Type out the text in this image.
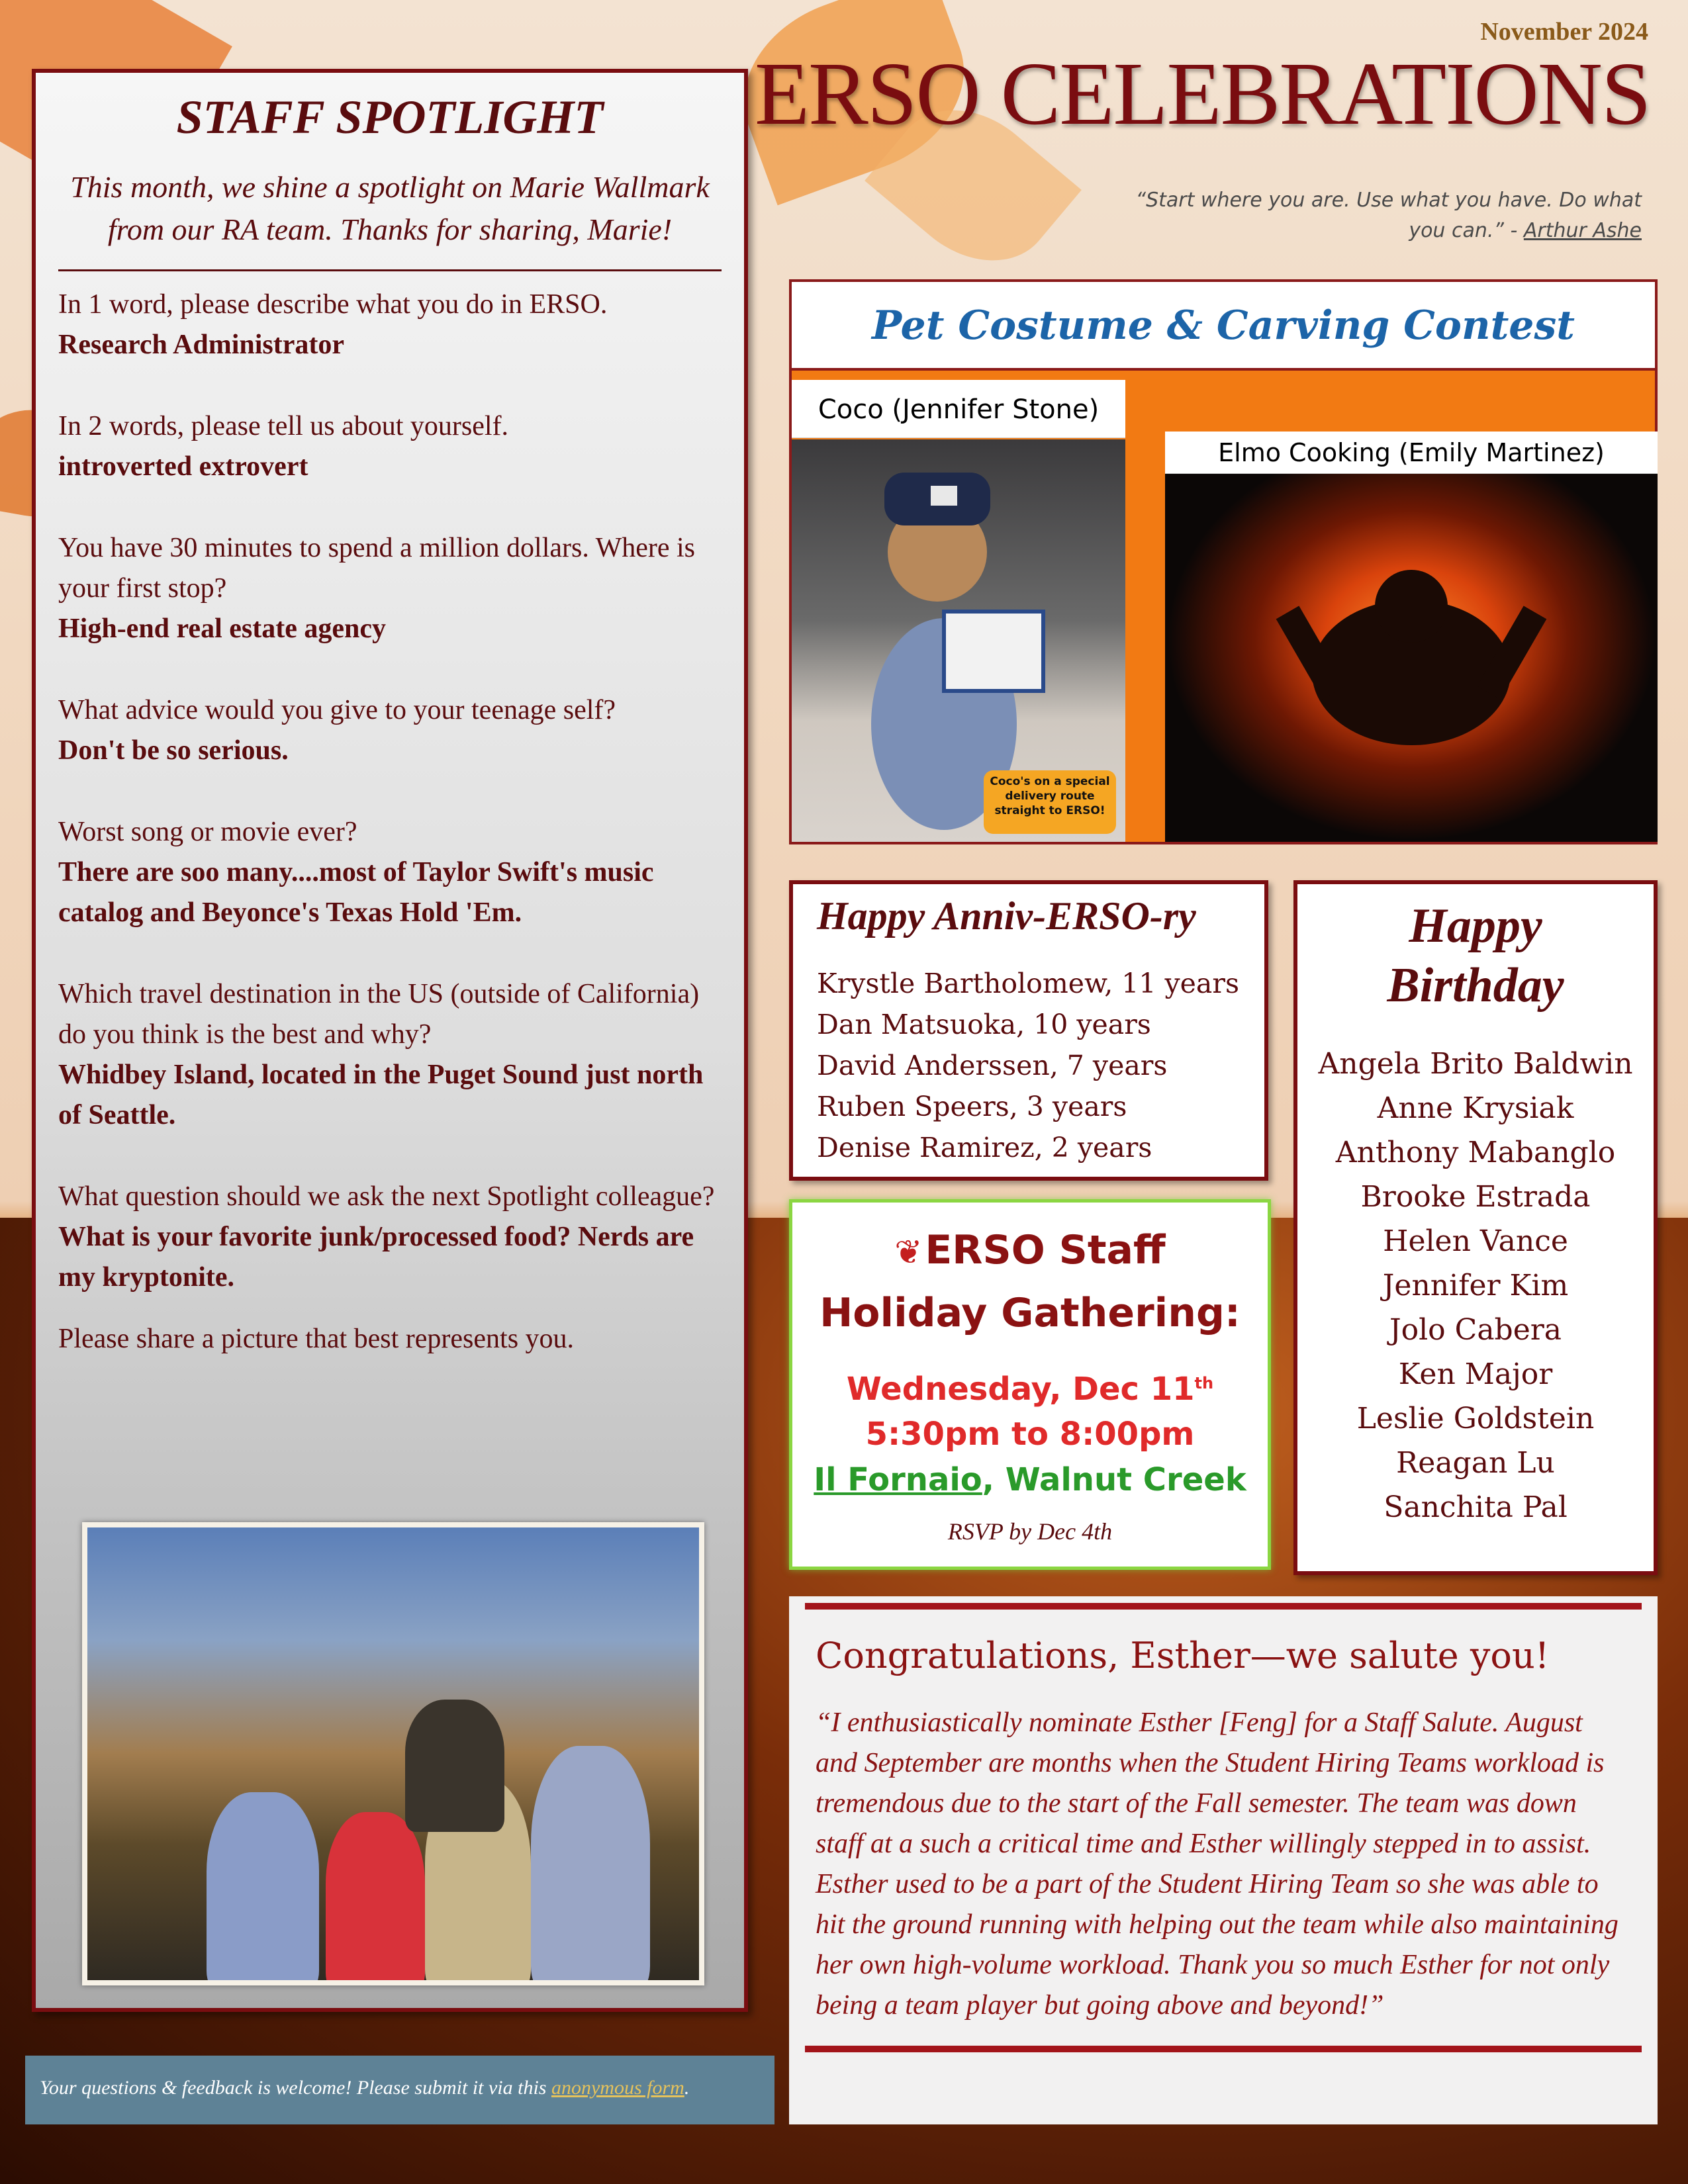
November 2024
ERSO CELEBRATIONS
“Start where you are. Use what you have. Do what you can.” - Arthur Ashe
STAFF SPOTLIGHT
This month, we shine a spotlight on Marie Wallmark from our RA team. Thanks for sharing, Marie!
In 1 word, please describe what you do in ERSO.
Research Administrator
In 2 words, please tell us about yourself.
introverted extrovert
You have 30 minutes to spend a million dollars. Where is your first stop?
High-end real estate agency
What advice would you give to your teenage self?
Don't be so serious.
Worst song or movie ever?
There are soo many....most of Taylor Swift's music catalog and Beyonce's Texas Hold 'Em.
Which travel destination in the US (outside of California) do you think is the best and why?
Whidbey Island, located in the Puget Sound just north of Seattle.
What question should we ask the next Spotlight colleague?
What is your favorite junk/processed food? Nerds are my kryptonite.
Please share a picture that best represents you.
Your questions & feedback is welcome! Please submit it via this anonymous form.
Pet Costume & Carving Contest
Coco (Jennifer Stone)
Coco's on a special delivery route straight to ERSO!
Elmo Cooking (Emily Martinez)
Happy Anniv-ERSO-ry
Krystle Bartholomew, 11 years
Dan Matsuoka, 10 years
David Anderssen, 7 years
Ruben Speers, 3 years
Denise Ramirez, 2 years
Happy
Birthday
Angela Brito Baldwin
Anne Krysiak
Anthony Mabanglo
Brooke Estrada
Helen Vance
Jennifer Kim
Jolo Cabera
Ken Major
Leslie Goldstein
Reagan Lu
Sanchita Pal
❦ERSO Staff
Holiday Gathering:
Wednesday, Dec 11th
5:30pm to 8:00pm
Il Fornaio, Walnut Creek
RSVP by Dec 4th
Congratulations, Esther—we salute you!
“I enthusiastically nominate Esther [Feng] for a Staff Salute. August and September are months when the Student Hiring Teams workload is tremendous due to the start of the Fall semester. The team was down staff at a such a critical time and Esther willingly stepped in to assist. Esther used to be a part of the Student Hiring Team so she was able to hit the ground running with helping out the team while also maintaining her own high-volume workload. Thank you so much Esther for not only being a team player but going above and beyond!”
